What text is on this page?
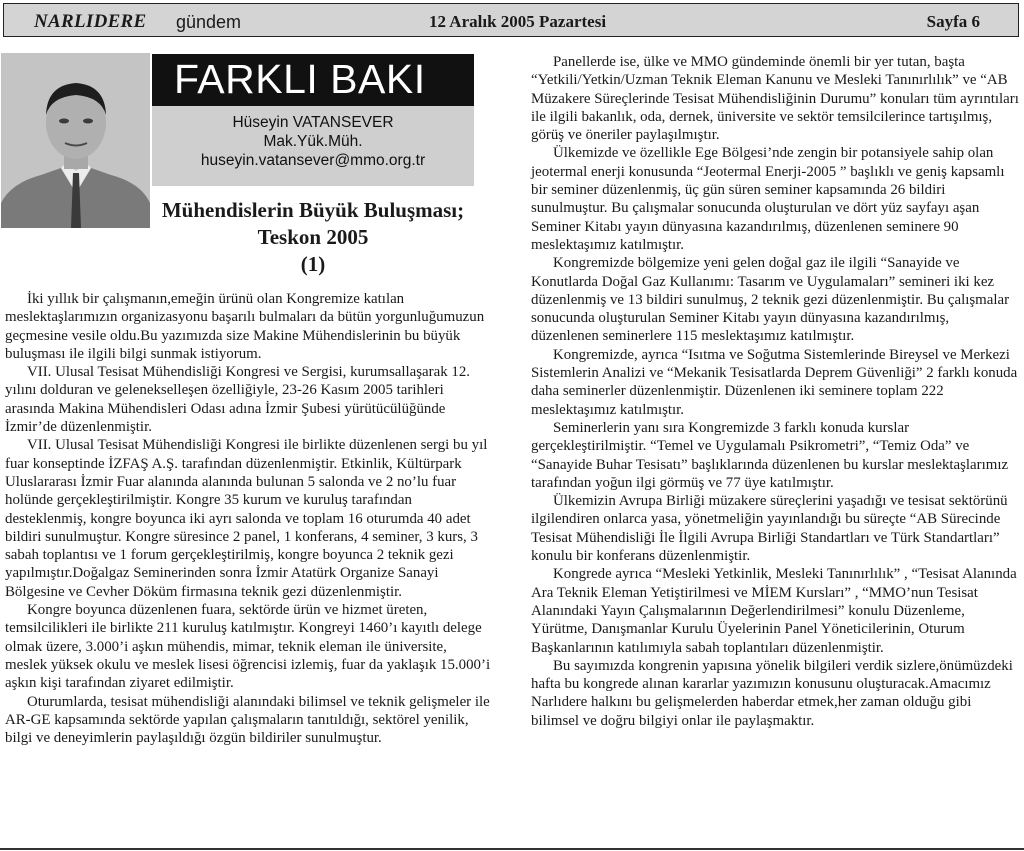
NARLIDERE gündem	12 Aralık 2005 Pazartesi	Sayfa 6
FARKLI BAKI
Hüseyin VATANSEVER
Mak.Yük.Müh.
huseyin.vatansever@mmo.org.tr
Mühendislerin Büyük Buluşması;
Teskon 2005
(1)

İki yıllık bir çalışmanın,emeğin ürünü olan Kongremize katılan meslektaşlarımızın organizasyonu başarılı bulmaları da bütün yorgunluğumuzun geçmesine vesile oldu.Bu yazımızda size Makine Mühendislerinin bu büyük buluşması ile ilgili bilgi sunmak istiyorum.

VII. Ulusal Tesisat Mühendisliği Kongresi ve Sergisi, kurumsallaşarak 12. yılını dolduran ve gelenekselleşen özelliğiyle, 23-26 Kasım 2005 tarihleri arasında Makina Mühendisleri Odası adına İzmir Şubesi yürütücülüğünde İzmir’de düzenlenmiştir.

VII. Ulusal Tesisat Mühendisliği Kongresi ile birlikte düzenlenen sergi bu yıl fuar konseptinde İZFAŞ A.Ş. tarafından düzenlenmiştir. Etkinlik, Kültürpark Uluslararası İzmir Fuar alanında alanında bulunan 5 salonda ve 2 no’lu fuar holünde gerçekleştirilmiştir. Kongre 35 kurum ve kuruluş tarafından desteklenmiş, kongre boyunca iki ayrı salonda ve toplam 16 oturumda 40 adet bildiri sunulmuştur. Kongre süresince 2 panel, 1 konferans, 4 seminer, 3 kurs, 3 sabah toplantısı ve 1 forum gerçekleştirilmiş, kongre boyunca 2 teknik gezi yapılmıştır.Doğalgaz Seminerinden sonra İzmir Atatürk Organize Sanayi Bölgesine ve Cevher Döküm firmasına teknik gezi düzenlenmiştir.

Kongre boyunca düzenlenen fuara, sektörde ürün ve hizmet üreten, temsilcilikleri ile birlikte 211 kuruluş katılmıştır. Kongreyi 1460’ı kayıtlı delege olmak üzere, 3.000’i aşkın mühendis, mimar, teknik eleman ile üniversite, meslek yüksek okulu ve meslek lisesi öğrencisi izlemiş, fuar da yaklaşık 15.000’i aşkın kişi tarafından ziyaret edilmiştir.

Oturumlarda, tesisat mühendisliği alanındaki bilimsel ve teknik gelişmeler ile AR-GE kapsamında sektörde yapılan çalışmaların tanıtıldığı, sektörel yenilik, bilgi ve deneyimlerin paylaşıldığı özgün bildiriler sunulmuştur.

Panellerde ise, ülke ve MMO gündeminde önemli bir yer tutan, başta “Yetkili/Yetkin/Uzman Teknik Eleman Kanunu ve Mesleki Tanınırlılık” ve “AB Müzakere Süreçlerinde Tesisat Mühendisliğinin Durumu” konuları tüm ayrıntıları ile ilgili bakanlık, oda, dernek, üniversite ve sektör temsilcilerince tartışılmış, görüş ve öneriler paylaşılmıştır.

Ülkemizde ve özellikle Ege Bölgesi’nde zengin bir potansiyele sahip olan jeotermal enerji konusunda “Jeotermal Enerji-2005 ” başlıklı ve geniş kapsamlı bir seminer düzenlenmiş, üç gün süren seminer kapsamında 26 bildiri sunulmuştur. Bu çalışmalar sonucunda oluşturulan ve dört yüz sayfayı aşan Seminer Kitabı yayın dünyasına kazandırılmış, düzenlenen seminere 90 meslektaşımız katılmıştır.

Kongremizde bölgemize yeni gelen doğal gaz ile ilgili “Sanayide ve Konutlarda Doğal Gaz Kullanımı: Tasarım ve Uygulamaları” semineri iki kez düzenlenmiş ve 13 bildiri sunulmuş, 2 teknik gezi düzenlenmiştir. Bu çalışmalar sonucunda oluşturulan Seminer Kitabı yayın dünyasına kazandırılmış, düzenlenen seminerlere 115 meslektaşımız katılmıştır.

Kongremizde, ayrıca “Isıtma ve Soğutma Sistemlerinde Bireysel ve Merkezi Sistemlerin Analizi ve “Mekanik Tesisatlarda Deprem Güvenliği” 2 farklı konuda daha seminerler düzenlenmiştir. Düzenlenen iki seminere toplam 222 meslektaşımız katılmıştır.

Seminerlerin yanı sıra Kongremizde 3 farklı konuda kurslar gerçekleştirilmiştir. “Temel ve Uygulamalı Psikrometri”, “Temiz Oda” ve “Sanayide Buhar Tesisatı” başlıklarında düzenlenen bu kurslar meslektaşlarımız tarafından yoğun ilgi görmüş ve 77 üye katılmıştır.

Ülkemizin Avrupa Birliği müzakere süreçlerini yaşadığı ve tesisat sektörünü ilgilendiren onlarca yasa, yönetmeliğin yayınlandığı bu süreçte “AB Sürecinde Tesisat Mühendisliği İle İlgili Avrupa Birliği Standartları ve Türk Standartları” konulu bir konferans düzenlenmiştir.

Kongrede ayrıca “Mesleki Yetkinlik, Mesleki Tanınırlılık” , “Tesisat Alanında Ara Teknik Eleman Yetiştirilmesi ve MİEM Kursları” , “MMO’nun Tesisat Alanındaki Yayın Çalışmalarının Değerlendirilmesi” konulu Düzenleme, Yürütme, Danışmanlar Kurulu Üyelerinin Panel Yöneticilerinin, Oturum Başkanlarının katılımıyla sabah toplantıları düzenlenmiştir.

Bu sayımızda kongrenin yapısına yönelik bilgileri verdik sizlere,önümüzdeki hafta bu kongrede alınan kararlar yazımızın konusunu oluşturacak.Amacımız Narlıdere halkını bu gelişmelerden haberdar etmek,her zaman olduğu gibi bilimsel ve doğru bilgiyi onlar ile paylaşmaktır.
